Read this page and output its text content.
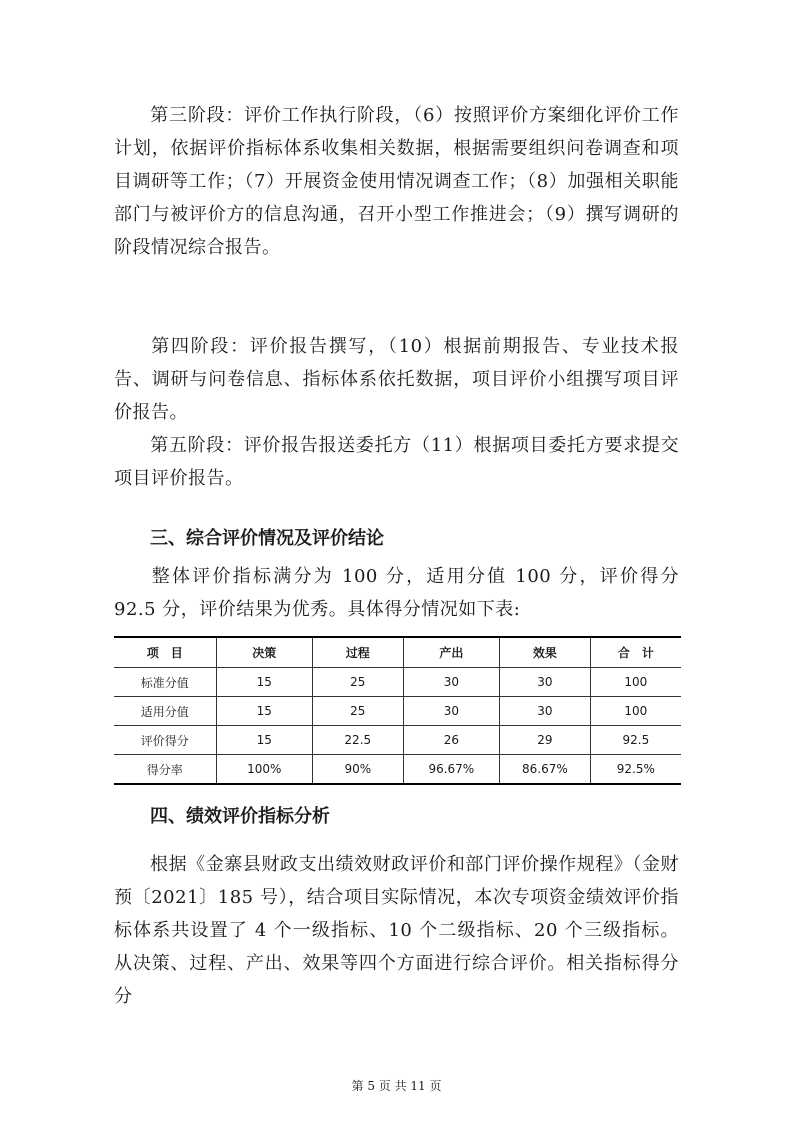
第三阶段：评价工作执行阶段，（6）按照评价方案细化评价工作计划，依据评价指标体系收集相关数据，根据需要组织问卷调查和项目调研等工作；（7）开展资金使用情况调查工作；（8）加强相关职能部门与被评价方的信息沟通，召开小型工作推进会；（9）撰写调研的阶段情况综合报告。

第四阶段：评价报告撰写，（10）根据前期报告、专业技术报告、调研与问卷信息、指标体系依托数据，项目评价小组撰写项目评价报告。

第五阶段：评价报告报送委托方（11）根据项目委托方要求提交项目评价报告。

三、综合评价情况及评价结论

整体评价指标满分为 100 分，适用分值 100 分，评价得分 92.5 分，评价结果为优秀。具体得分情况如下表:

项　目	决策	过程	产出	效果	合　计
标准分值	15	25	30	30	100
适用分值	15	25	30	30	100
评价得分	15	22.5	26	29	92.5
得分率	100%	90%	96.67%	86.67%	92.5%
四、绩效评价指标分析

根据《金寨县财政支出绩效财政评价和部门评价操作规程》（金财预〔2021〕185 号），结合项目实际情况，本次专项资金绩效评价指标体系共设置了 4 个一级指标、10 个二级指标、20 个三级指标。从决策、过程、产出、效果等四个方面进行综合评价。相关指标得分分

第 5 页 共 11 页
